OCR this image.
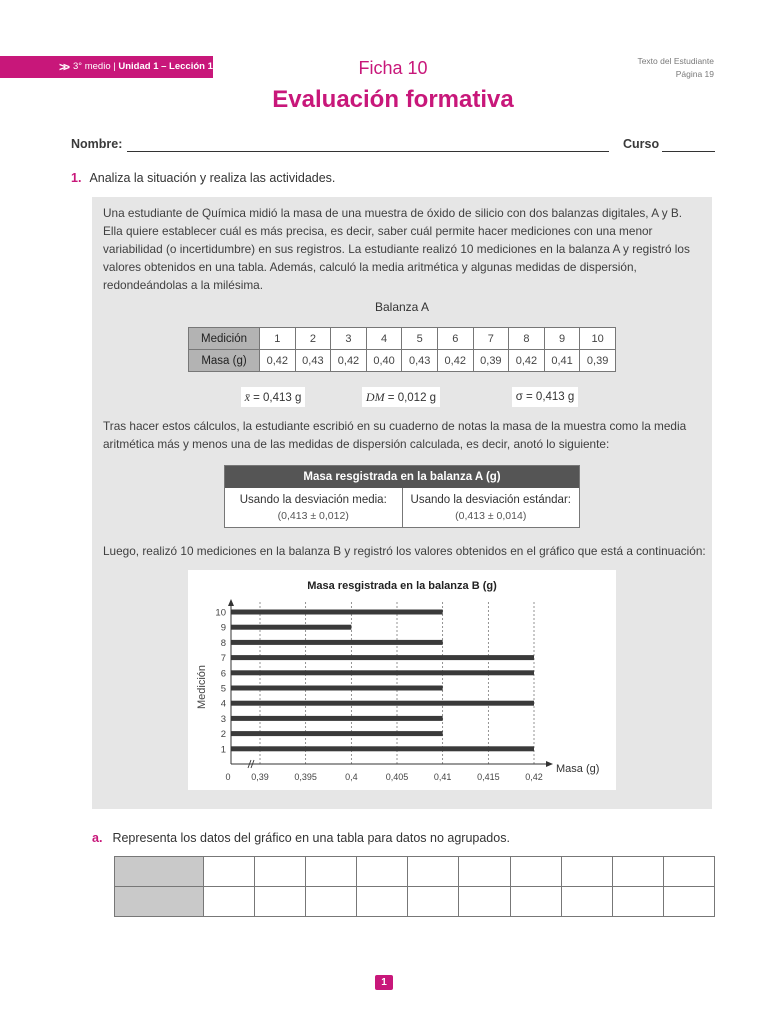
>> 3° medio | Unidad 1 – Lección 1	Texto del Estudiante
Página 19
Ficha 10
Evaluación formativa
Nombre:	Curso
1. Analiza la situación y realiza las actividades.
Una estudiante de Química midió la masa de una muestra de óxido de silicio con dos balanzas digitales, A y B. Ella quiere establecer cuál es más precisa, es decir, saber cuál permite hacer mediciones con una menor variabilidad (o incertidumbre) en sus registros. La estudiante realizó 10 mediciones en la balanza A y registró los valores obtenidos en una tabla. Además, calculó la media aritmética y algunas medidas de dispersión, redondeándolas a la milésima.
Balanza A
Medición	1	2	3	4	5	6	7	8	9	10
Masa (g)	0,42	0,43	0,42	0,40	0,43	0,42	0,39	0,42	0,41	0,39
x̄ = 0,413 g	DM = 0,012 g	σ = 0,413 g
Tras hacer estos cálculos, la estudiante escribió en su cuaderno de notas la masa de la muestra como la media aritmética más y menos una de las medidas de dispersión calculada, es decir, anotó lo siguiente:
Masa resgistrada en la balanza A (g)
Usando la desviación media:
(0,413 ± 0,012)
Usando la desviación estándar:
(0,413 ± 0,014)
Luego, realizó 10 mediciones en la balanza B y registró los valores obtenidos en el gráfico que está a continuación:
Masa resgistrada en la balanza B (g)
1
2
3
4
5
6
7
8
9
10
0 0,39	0,395	0,4	0,405	0,41	0,415	0,42
Masa (g)
Medición
a. Representa los datos del gráfico en una tabla para datos no agrupados.

1
